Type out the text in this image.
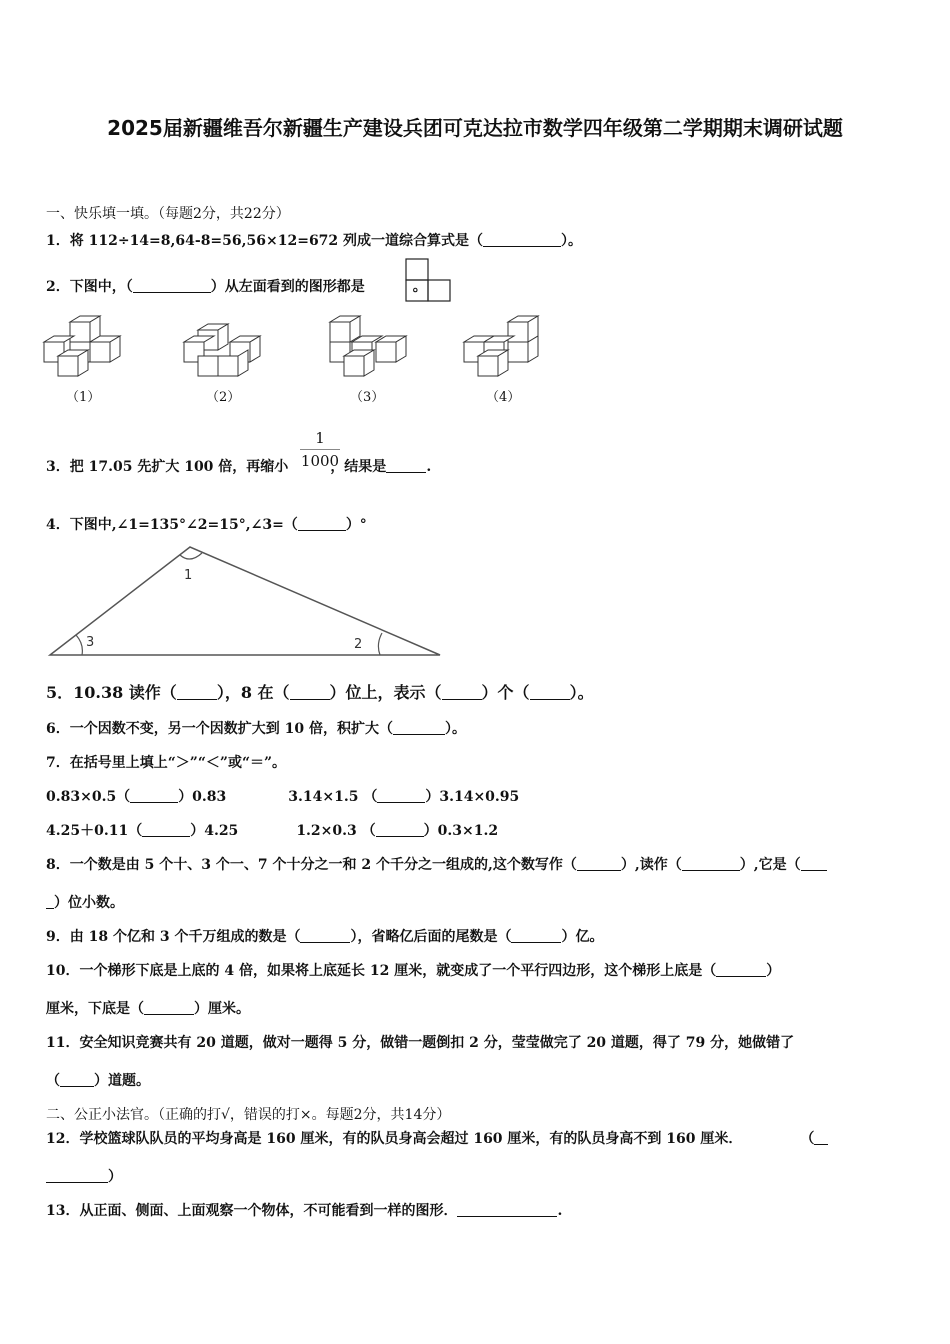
2025届新疆维吾尔新疆生产建设兵团可克达拉市数学四年级第二学期期末调研试题
一、快乐填一填。（每题2分，共22分）
1．将 112÷14=8,64-8=56,56×12=672 列成一道综合算式是（	）。
2．下图中，（	）从左面看到的图形都是	。
（1）	（2）	（3）	（4）
3．把 17.05 先扩大 100 倍，再缩小	，结果是	.
$\frac{1}{1000}$
4．下图中,∠1=135°∠2=15°,∠3=（	）°
1
2
3
5．10.38 读作（	），8 在（	）位上，表示（	）个（	）。
6．一个因数不变，另一个因数扩大到 10 倍，积扩大（	）。
7．在括号里上填上“＞”“＜”或“＝”。
0.83×0.5（	）0.83	3.14×1.5 （	）3.14×0.95
4.25＋0.11（	）4.25	1.2×0.3 （	）0.3×1.2
8．一个数是由 5 个十、3 个一、7 个十分之一和 2 个千分之一组成的,这个数写作（	）,读作（	）,它是（
）位小数。
9．由 18 个亿和 3 个千万组成的数是（	），省略亿后面的尾数是（	）亿。
10．一个梯形下底是上底的 4 倍，如果将上底延长 12 厘米，就变成了一个平行四边形，这个梯形上底是（	）
厘米，下底是（	）厘米。
11．安全知识竞赛共有 20 道题，做对一题得 5 分，做错一题倒扣 2 分，莹莹做完了 20 道题，得了 79 分，她做错了
（ ）道题。
二、公正小法官。（正确的打√，错误的打×。每题2分，共14分）
12．学校篮球队队员的平均身高是 160 厘米，有的队员身高会超过 160 厘米，有的队员身高不到 160 厘米．	（
）
13．从正面、侧面、上面观察一个物体，不可能看到一样的图形．	.
